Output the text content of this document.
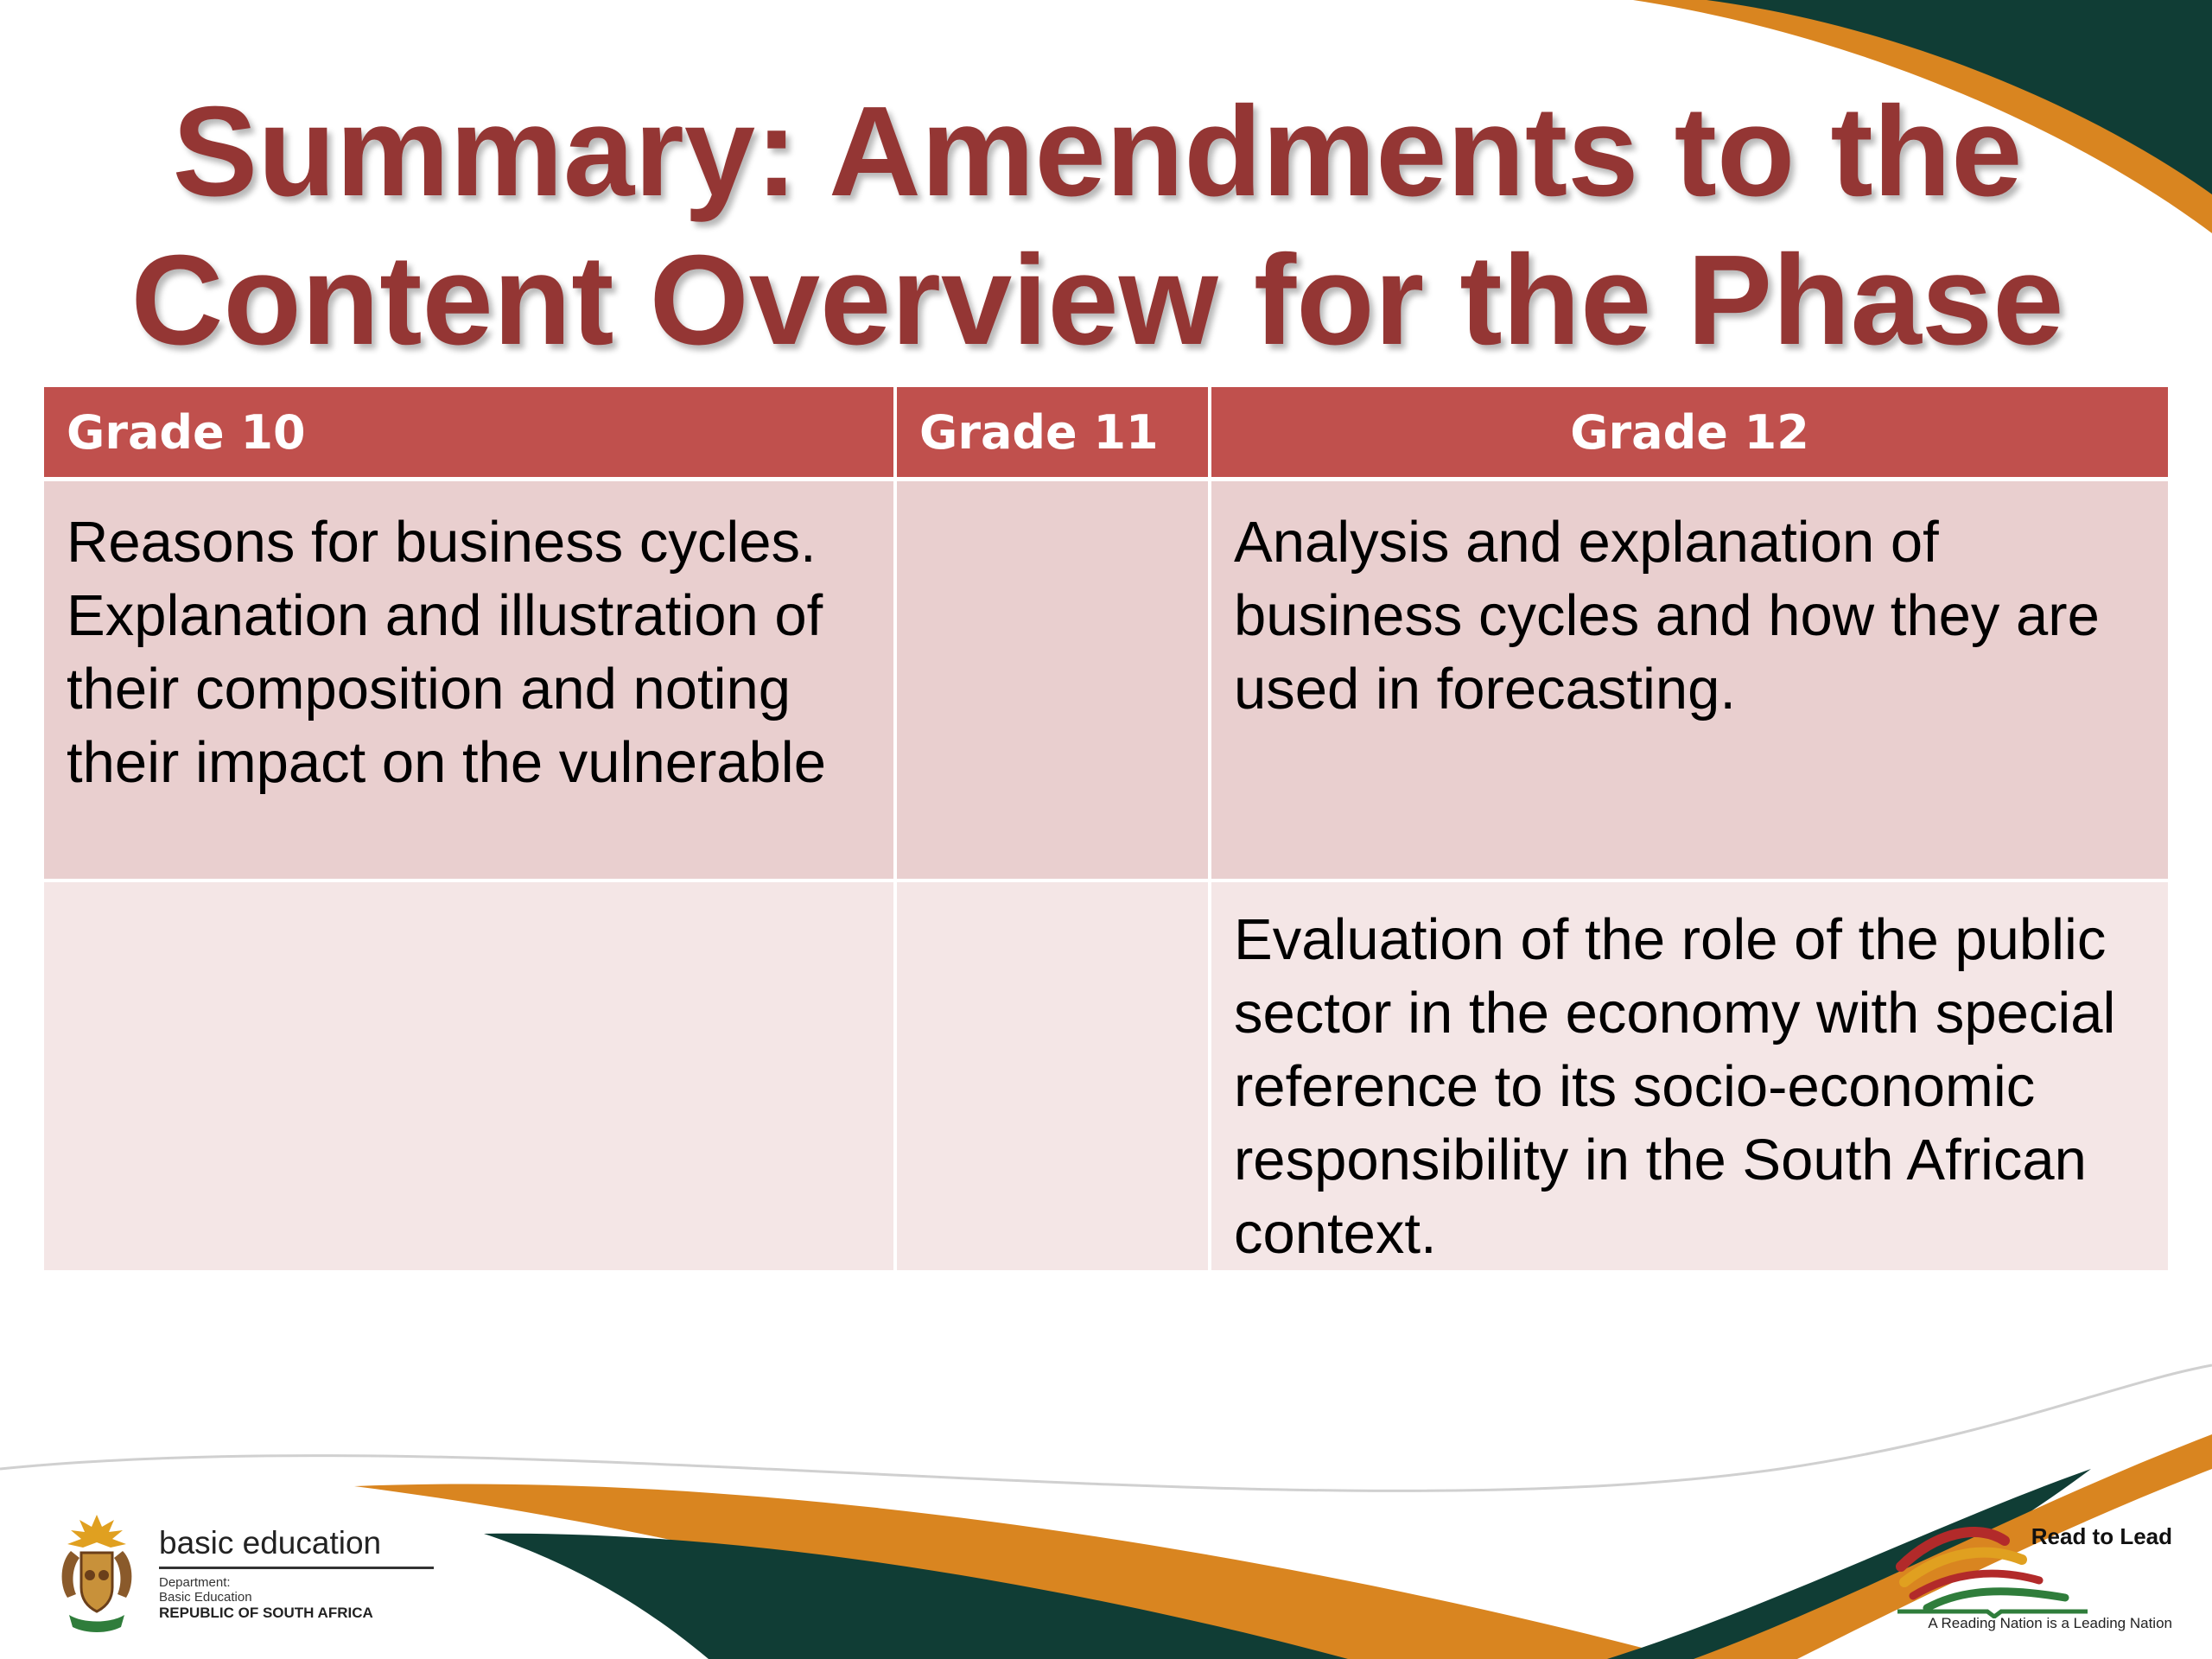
Summary: Amendments to the
Content Overview for the Phase
Grade 10	Grade 11	Grade 12
Reasons for business cycles. Explanation and illustration of their composition and noting their impact on the vulnerable		Analysis and explanation of business cycles and how they are used in forecasting.
		Evaluation of the role of the public sector in the economy with special reference to its socio-economic responsibility in the South African context.
basic education
Department:
Basic Education
REPUBLIC OF SOUTH AFRICA
Read to Lead
A Reading Nation is a Leading Nation
